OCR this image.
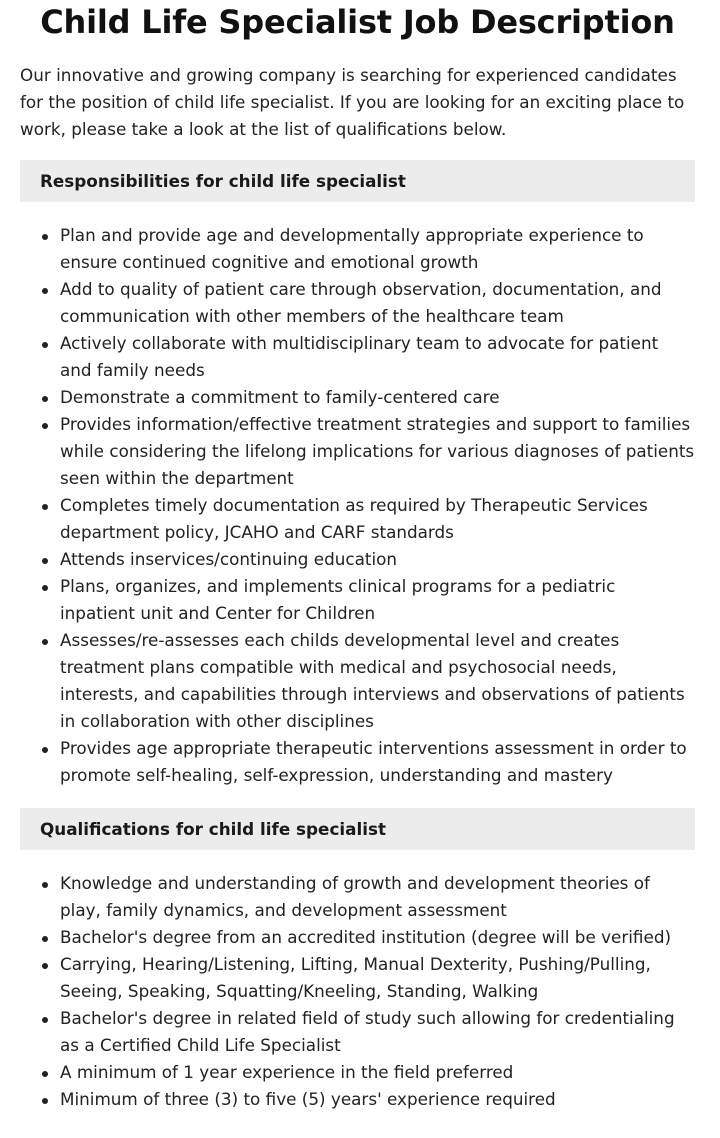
Child Life Specialist Job Description

Our innovative and growing company is searching for experienced candidates for the position of child life specialist. If you are looking for an exciting place to work, please take a look at the list of qualifications below.

Responsibilities for child life specialist
Plan and provide age and developmentally appropriate experience to ensure continued cognitive and emotional growth
Add to quality of patient care through observation, documentation, and communication with other members of the healthcare team
Actively collaborate with multidisciplinary team to advocate for patient and family needs
Demonstrate a commitment to family-centered care
Provides information/effective treatment strategies and support to families while considering the lifelong implications for various diagnoses of patients seen within the department
Completes timely documentation as required by Therapeutic Services department policy, JCAHO and CARF standards
Attends inservices/continuing education
Plans, organizes, and implements clinical programs for a pediatric inpatient unit and Center for Children
Assesses/re-assesses each childs developmental level and creates treatment plans compatible with medical and psychosocial needs, interests, and capabilities through interviews and observations of patients in collaboration with other disciplines
Provides age appropriate therapeutic interventions assessment in order to promote self-healing, self-expression, understanding and mastery
Qualifications for child life specialist
Knowledge and understanding of growth and development theories of play, family dynamics, and development assessment
Bachelor's degree from an accredited institution (degree will be verified)
Carrying, Hearing/Listening, Lifting, Manual Dexterity, Pushing/Pulling, Seeing, Speaking, Squatting/Kneeling, Standing, Walking
Bachelor's degree in related field of study such allowing for credentialing as a Certified Child Life Specialist
A minimum of 1 year experience in the field preferred
Minimum of three (3) to five (5) years' experience required
